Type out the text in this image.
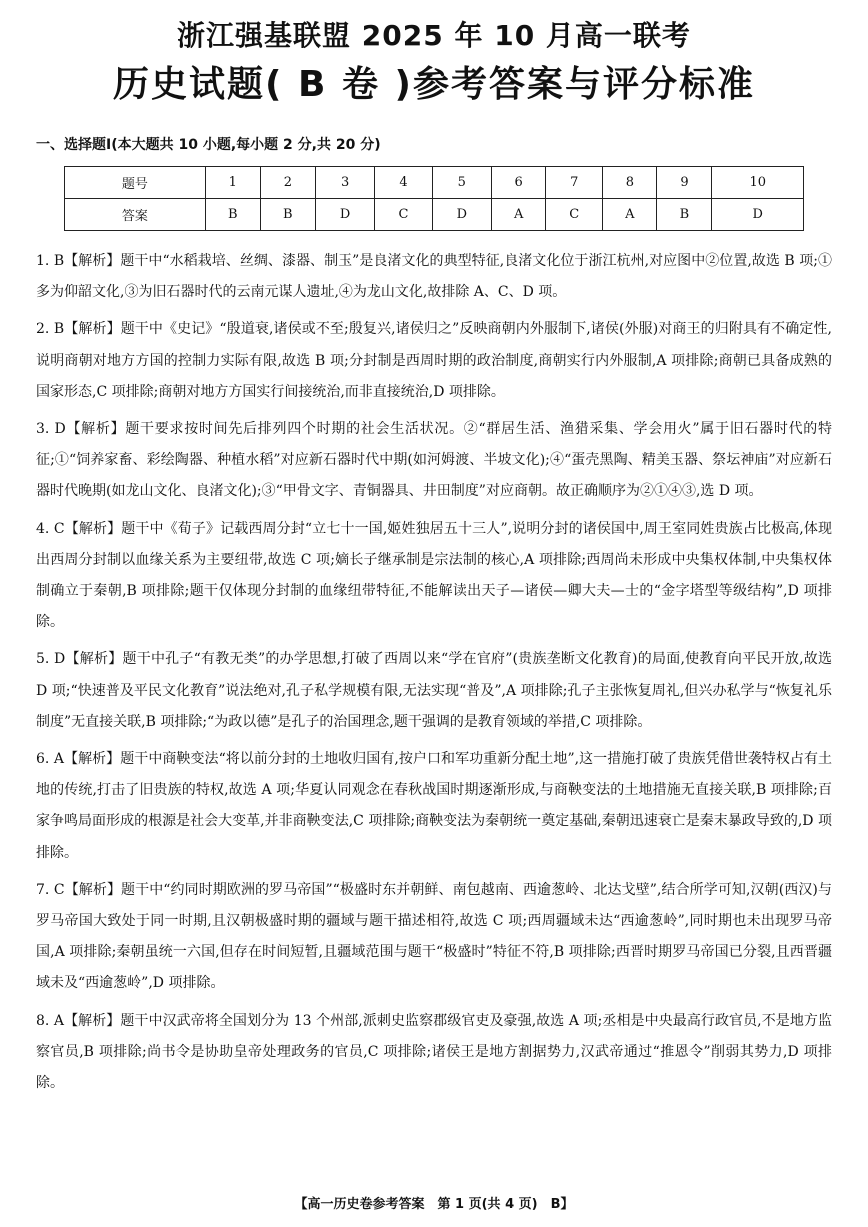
浙江强基联盟 2025 年 10 月高一联考
历史试题( B 卷 )参考答案与评分标准
一、选择题Ⅰ(本大题共 10 小题,每小题 2 分,共 20 分)
题号	1	2	3	4	5	6	7	8	9	10
答案	B	B	D	C	D	A	C	A	B	D

1. B【解析】题干中“水稻栽培、丝绸、漆器、制玉”是良渚文化的典型特征,良渚文化位于浙江杭州,对应图中②位置,故选 B 项;①多为仰韶文化,③为旧石器时代的云南元谋人遗址,④为龙山文化,故排除 A、C、D 项。

2. B【解析】题干中《史记》“殷道衰,诸侯或不至;殷复兴,诸侯归之”反映商朝内外服制下,诸侯(外服)对商王的归附具有不确定性,说明商朝对地方方国的控制力实际有限,故选 B 项;分封制是西周时期的政治制度,商朝实行内外服制,A 项排除;商朝已具备成熟的国家形态,C 项排除;商朝对地方方国实行间接统治,而非直接统治,D 项排除。

3. D【解析】题干要求按时间先后排列四个时期的社会生活状况。②“群居生活、渔猎采集、学会用火”属于旧石器时代的特征;①“饲养家畜、彩绘陶器、种植水稻”对应新石器时代中期(如河姆渡、半坡文化);④“蛋壳黑陶、精美玉器、祭坛神庙”对应新石器时代晚期(如龙山文化、良渚文化);③“甲骨文字、青铜器具、井田制度”对应商朝。故正确顺序为②①④③,选 D 项。

4. C【解析】题干中《荀子》记载西周分封“立七十一国,姬姓独居五十三人”,说明分封的诸侯国中,周王室同姓贵族占比极高,体现出西周分封制以血缘关系为主要纽带,故选 C 项;嫡长子继承制是宗法制的核心,A 项排除;西周尚未形成中央集权体制,中央集权体制确立于秦朝,B 项排除;题干仅体现分封制的血缘纽带特征,不能解读出天子—诸侯—卿大夫—士的“金字塔型等级结构”,D 项排除。

5. D【解析】题干中孔子“有教无类”的办学思想,打破了西周以来“学在官府”(贵族垄断文化教育)的局面,使教育向平民开放,故选 D 项;“快速普及平民文化教育”说法绝对,孔子私学规模有限,无法实现“普及”,A 项排除;孔子主张恢复周礼,但兴办私学与“恢复礼乐制度”无直接关联,B 项排除;“为政以德”是孔子的治国理念,题干强调的是教育领域的举措,C 项排除。

6. A【解析】题干中商鞅变法“将以前分封的土地收归国有,按户口和军功重新分配土地”,这一措施打破了贵族凭借世袭特权占有土地的传统,打击了旧贵族的特权,故选 A 项;华夏认同观念在春秋战国时期逐渐形成,与商鞅变法的土地措施无直接关联,B 项排除;百家争鸣局面形成的根源是社会大变革,并非商鞅变法,C 项排除;商鞅变法为秦朝统一奠定基础,秦朝迅速衰亡是秦末暴政导致的,D 项排除。

7. C【解析】题干中“约同时期欧洲的罗马帝国”“极盛时东并朝鲜、南包越南、西逾葱岭、北达戈壁”,结合所学可知,汉朝(西汉)与罗马帝国大致处于同一时期,且汉朝极盛时期的疆域与题干描述相符,故选 C 项;西周疆域未达“西逾葱岭”,同时期也未出现罗马帝国,A 项排除;秦朝虽统一六国,但存在时间短暂,且疆域范围与题干“极盛时”特征不符,B 项排除;西晋时期罗马帝国已分裂,且西晋疆域未及“西逾葱岭”,D 项排除。

8. A【解析】题干中汉武帝将全国划分为 13 个州部,派刺史监察郡级官吏及豪强,故选 A 项;丞相是中央最高行政官员,不是地方监察官员,B 项排除;尚书令是协助皇帝处理政务的官员,C 项排除;诸侯王是地方割据势力,汉武帝通过“推恩令”削弱其势力,D 项排除。

【高一历史卷参考答案　第 1 页(共 4 页)　B】
